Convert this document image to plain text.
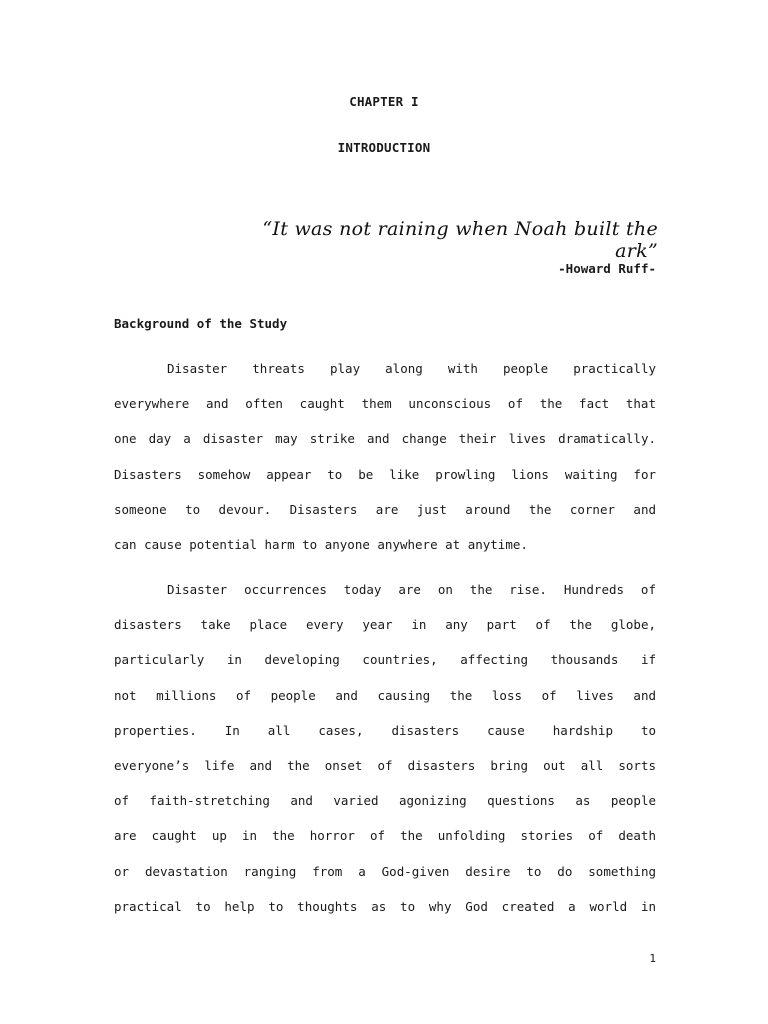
CHAPTER I
INTRODUCTION
“It was not raining when Noah built the ark”
-Howard Ruff-
Background of the Study
Disaster threats play along with people practically
everywhere and often caught them unconscious of the fact that
one day a disaster may strike and change their lives dramatically.
Disasters somehow appear to be like prowling lions waiting for
someone to devour. Disasters are just around the corner and
can cause potential harm to anyone anywhere at anytime.
Disaster occurrences today are on the rise. Hundreds of
disasters take place every year in any part of the globe,
particularly in developing countries, affecting thousands if
not millions of people and causing the loss of lives and
properties. In all cases, disasters cause hardship to
everyone’s life and the onset of disasters bring out all sorts
of faith-stretching and varied agonizing questions as people
are caught up in the horror of the unfolding stories of death
or devastation ranging from a God-given desire to do something
practical to help to thoughts as to why God created a world in
1
